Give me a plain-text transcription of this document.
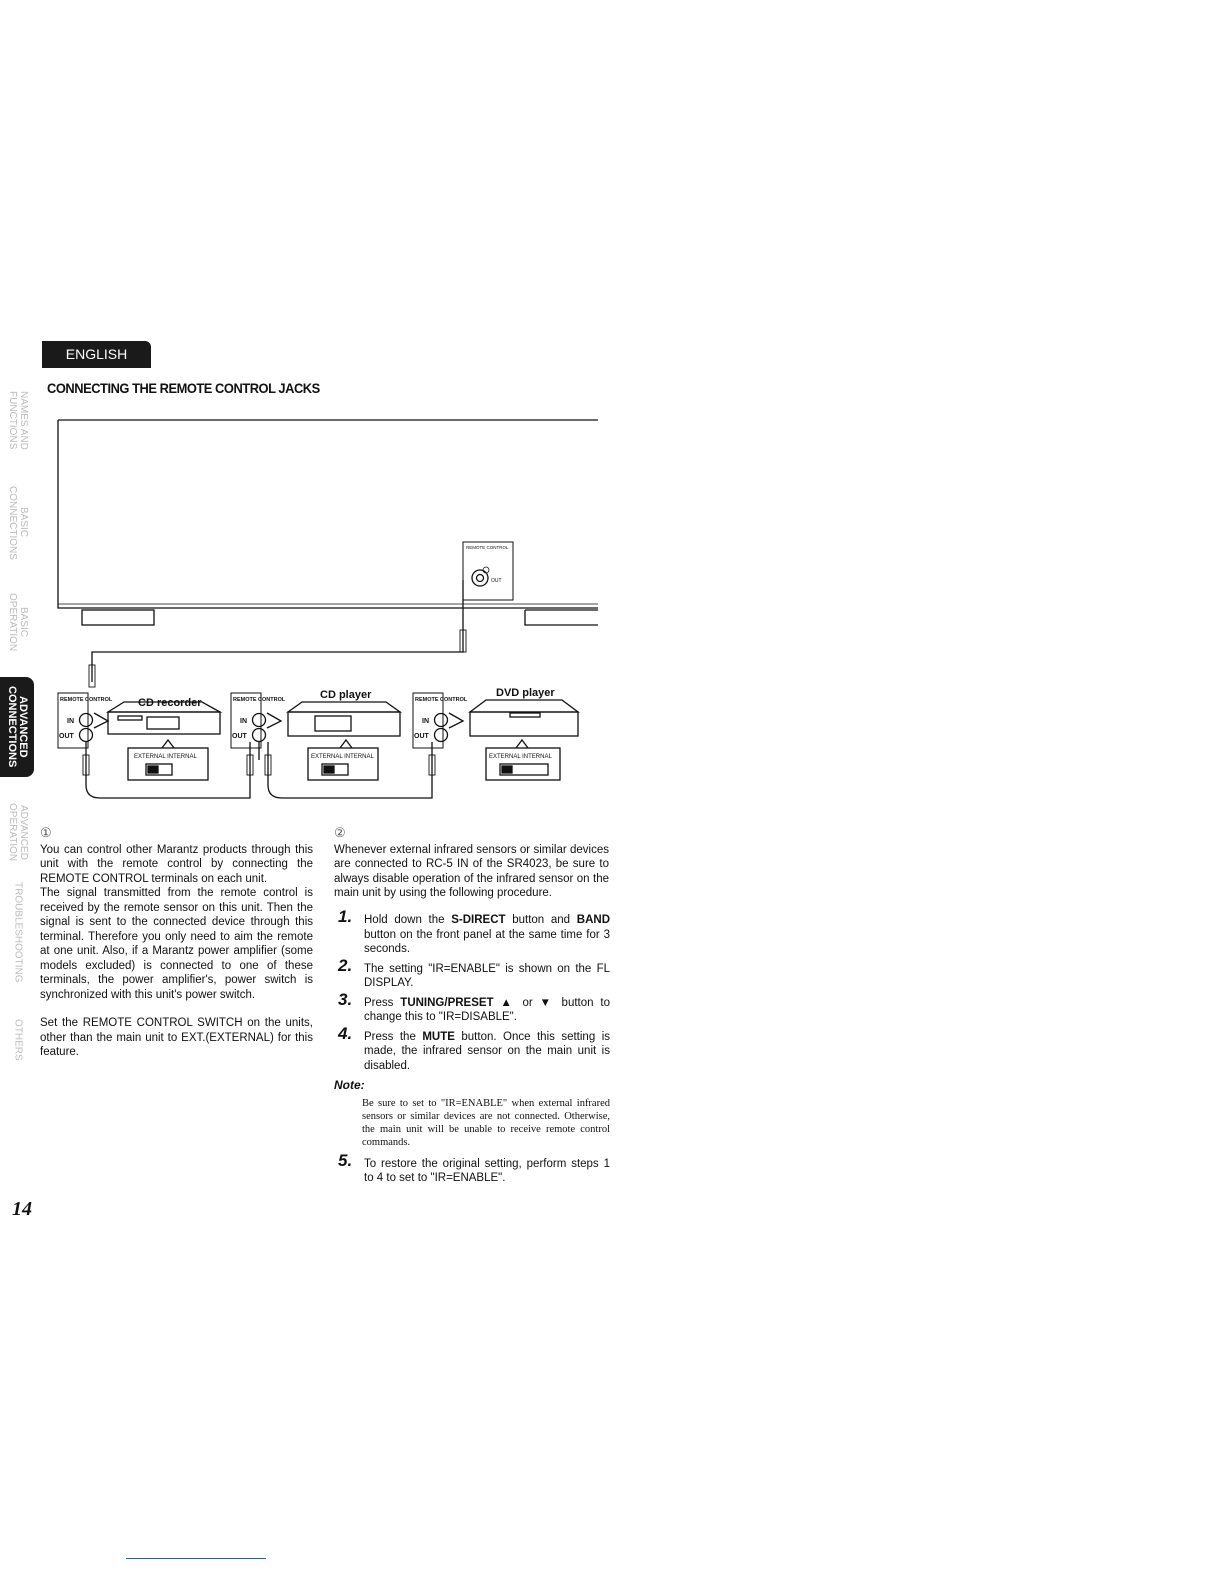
ENGLISH
CONNECTING THE REMOTE CONTROL JACKS
NAMES AND
FUNCTIONS
BASIC
CONNECTIONS
BASIC
OPERATION
ADVANCED
CONNECTIONS
ADVANCED
OPERATION
TROUBLESHOOTING
OTHERS
REMOTE CONTROL
OUT
CD recorder
CD player	DVD player
REMOTE CONTROL	REMOTE CONTROL	REMOTE CONTROL
IN
OUT
IN
OUT
IN
OUT
EXTERNAL INTERNAL	EXTERNAL INTERNAL	EXTERNAL INTERNAL
①

You can control other Marantz products through this unit with the remote control by connecting the REMOTE CONTROL terminals on each unit.

The signal transmitted from the remote control is received by the remote sensor on this unit. Then the signal is sent to the connected device through this terminal. Therefore you only need to aim the remote at one unit. Also, if a Marantz power amplifier (some models excluded) is connected to one of these terminals, the power amplifier's, power switch is synchronized with this unit's power switch.

Set the REMOTE CONTROL SWITCH on the units, other than the main unit to EXT.(EXTERNAL) for this feature.

②

Whenever external infrared sensors or similar devices are connected to RC-5 IN of the SR4023, be sure to always disable operation of the infrared sensor on the main unit by using the following procedure.

1. Hold down the S-DIRECT button and BAND button on the front panel at the same time for 3 seconds.
2. The setting "IR=ENABLE" is shown on the FL DISPLAY.
3. Press TUNING/PRESET ▲ or ▼ button to change this to "IR=DISABLE".
4. Press the MUTE button. Once this setting is made, the infrared sensor on the main unit is disabled.
Note:
Be sure to set to "IR=ENABLE" when external infrared sensors or similar devices are not connected. Otherwise, the main unit will be unable to receive remote control commands.
5. To restore the original setting, perform steps 1 to 4 to set to "IR=ENABLE".
14
